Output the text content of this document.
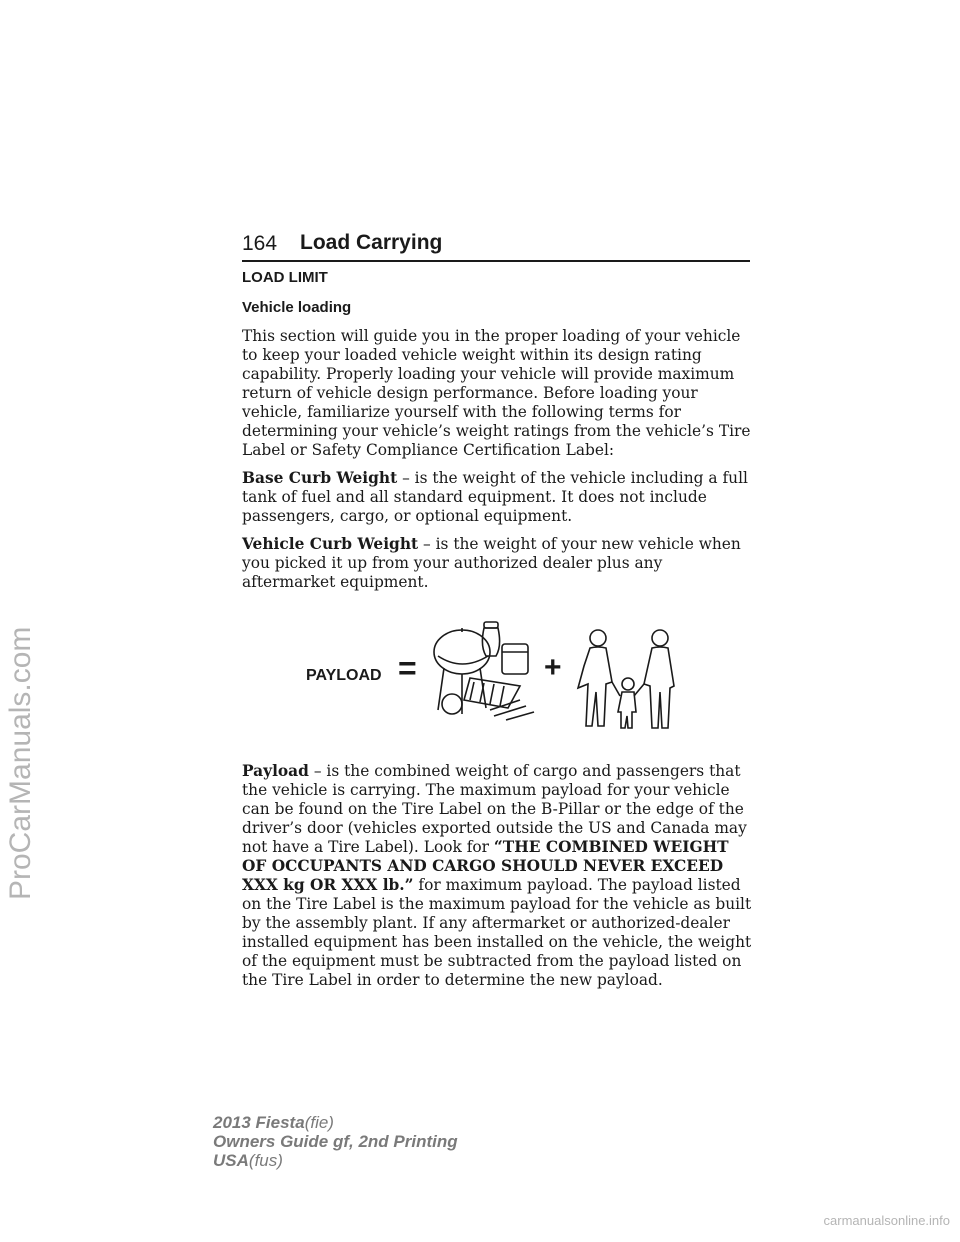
164 Load Carrying
LOAD LIMIT
Vehicle loading

This section will guide you in the proper loading of your vehicle to keep your loaded vehicle weight within its design rating capability. Properly loading your vehicle will provide maximum return of vehicle design performance. Before loading your vehicle, familiarize yourself with the following terms for determining your vehicle’s weight ratings from the vehicle’s Tire Label or Safety Compliance Certification Label:

Base Curb Weight – is the weight of the vehicle including a full tank of fuel and all standard equipment. It does not include passengers, cargo, or optional equipment.

Vehicle Curb Weight – is the weight of your new vehicle when you picked it up from your authorized dealer plus any aftermarket equipment.

PAYLOAD =	+

Payload – is the combined weight of cargo and passengers that the vehicle is carrying. The maximum payload for your vehicle can be found on the Tire Label on the B-Pillar or the edge of the driver’s door (vehicles exported outside the US and Canada may not have a Tire Label). Look for “THE COMBINED WEIGHT OF OCCUPANTS AND CARGO SHOULD NEVER EXCEED XXX kg OR XXX lb.” for maximum payload. The payload listed on the Tire Label is the maximum payload for the vehicle as built by the assembly plant. If any aftermarket or authorized-dealer installed equipment has been installed on the vehicle, the weight of the equipment must be subtracted from the payload listed on the Tire Label in order to determine the new payload.

2013 Fiesta(fie)
Owners Guide gf, 2nd Printing
USA(fus)
ProCarManuals.com
carmanualsonline.info
